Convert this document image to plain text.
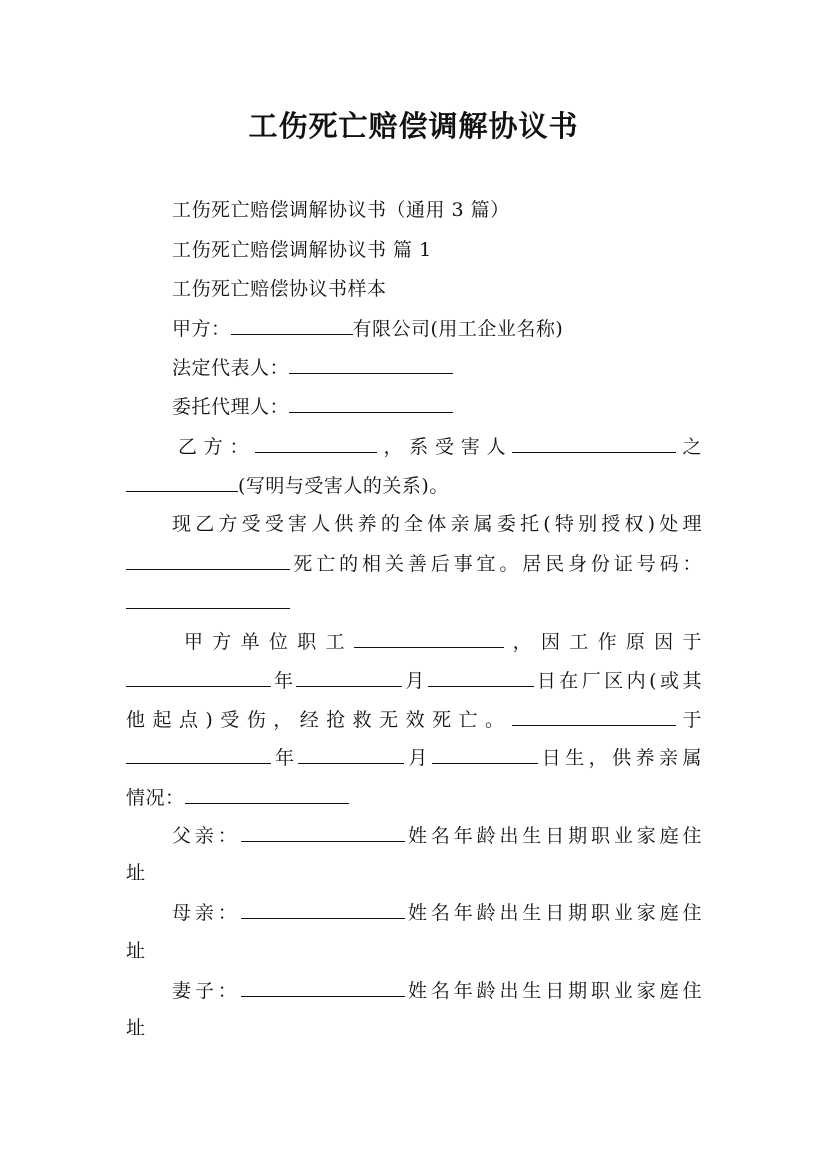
工伤死亡赔偿调解协议书
工伤死亡赔偿调解协议书（通用 3 篇）
工伤死亡赔偿调解协议书 篇 1
工伤死亡赔偿协议书样本
甲方：	有限公司(用工企业名称)
法定代表人：
委托代理人：
乙方：	，系受害人	之
(写明与受害人的关系)。
现乙方受受害人供养的全体亲属委托(特别授权)处理
死亡的相关善后事宜。居民身份证号码：
甲方单位职工	，因工作原因于
年	月	日在厂区内(或其
他起点)受伤，经抢救无效死亡。	于
年	月	日生，供养亲属
情况：
父亲：	姓名年龄出生日期职业家庭住
址
母亲：	姓名年龄出生日期职业家庭住
址
妻子：	姓名年龄出生日期职业家庭住
址
